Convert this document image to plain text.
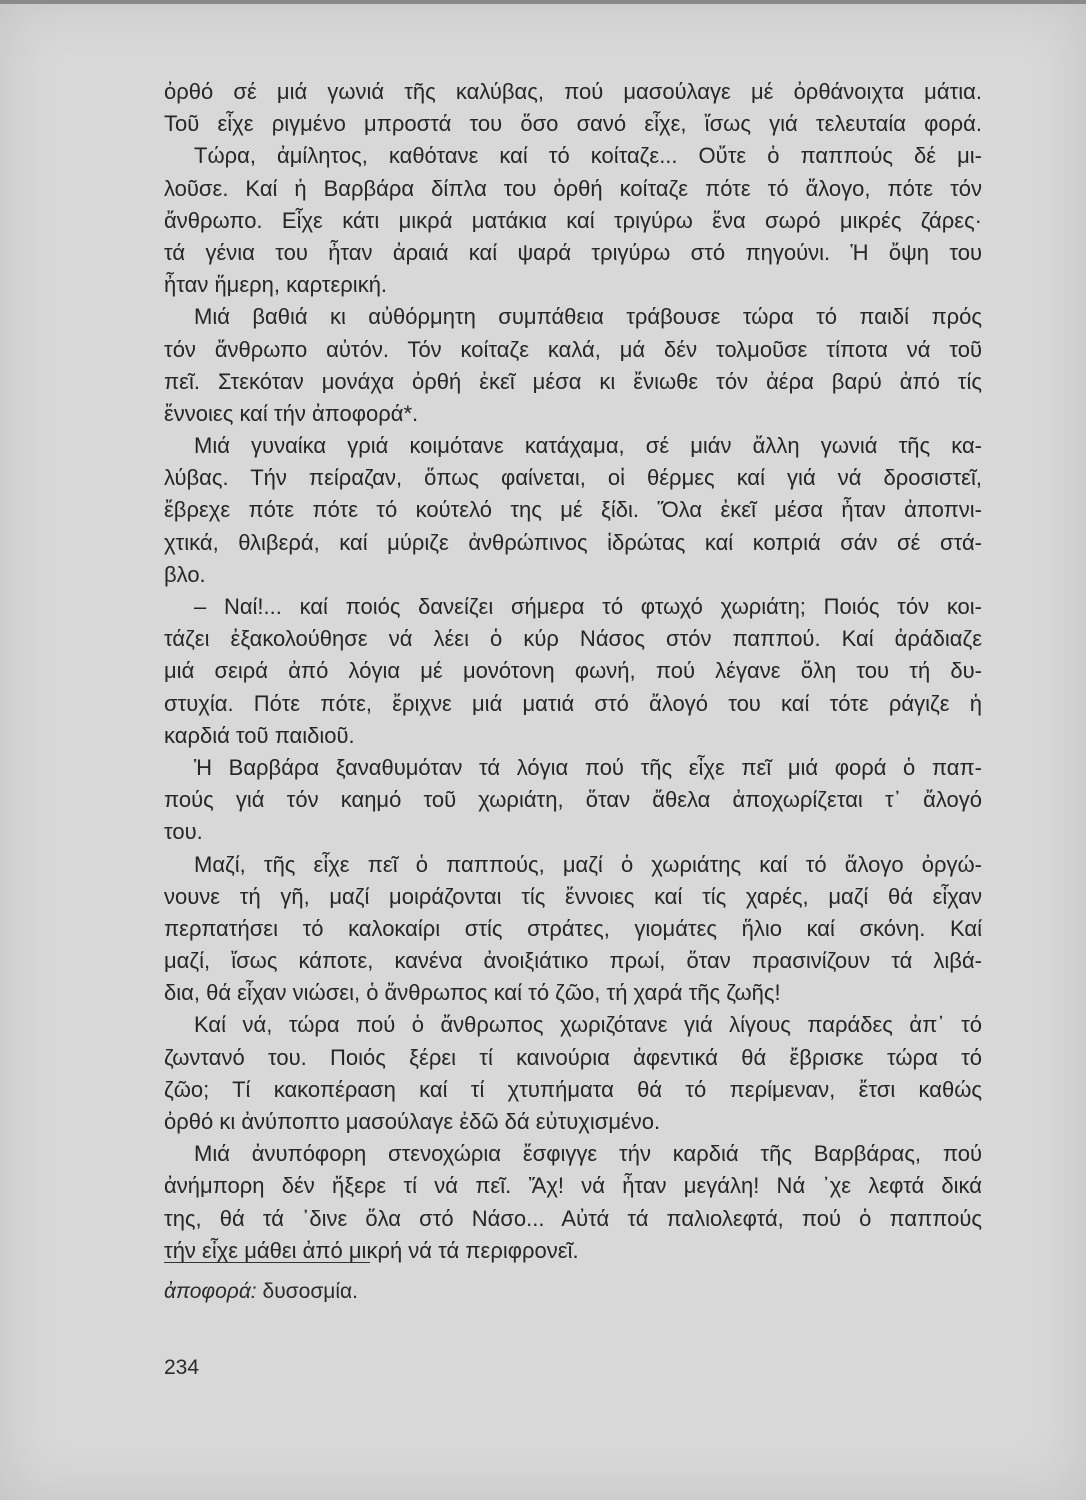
ὀρθό σέ μιά γωνιά τῆς καλύβας, πού μασούλαγε μέ ὀρθάνοιχτα μάτια.
Τοῦ εἶχε ριγμένο μπροστά του ὅσο σανό εἶχε, ἴσως γιά τελευταία φορά.
Τώρα, ἀμίλητος, καθότανε καί τό κοίταζε... Οὔτε ὁ παππούς δέ μι-
λοῦσε. Καί ἡ Βαρβάρα δίπλα του ὀρθή κοίταζε πότε τό ἄλογο, πότε τόν
ἄνθρωπο. Εἶχε κάτι μικρά ματάκια καί τριγύρω ἕνα σωρό μικρές ζάρες·
τά γένια του ἦταν ἀραιά καί ψαρά τριγύρω στό πηγούνι. Ἡ ὄψη του
ἦταν ἥμερη, καρτερική.
Μιά βαθιά κι αὐθόρμητη συμπάθεια τράβουσε τώρα τό παιδί πρός
τόν ἄνθρωπο αὐτόν. Τόν κοίταζε καλά, μά δέν τολμοῦσε τίποτα νά τοῦ
πεῖ. Στεκόταν μονάχα ὀρθή ἐκεῖ μέσα κι ἔνιωθε τόν ἀέρα βαρύ ἀπό τίς
ἔννοιες καί τήν ἀποφορά*.
Μιά γυναίκα γριά κοιμότανε κατάχαμα, σέ μιάν ἄλλη γωνιά τῆς κα-
λύβας. Τήν πείραζαν, ὅπως φαίνεται, οἱ θέρμες καί γιά νά δροσιστεῖ,
ἔβρεχε πότε πότε τό κούτελό της μέ ξίδι. Ὅλα ἐκεῖ μέσα ἦταν ἀποπνι-
χτικά, θλιβερά, καί μύριζε ἀνθρώπινος ἱδρώτας καί κοπριά σάν σέ στά-
βλο.
– Ναί!... καί ποιός δανείζει σήμερα τό φτωχό χωριάτη; Ποιός τόν κοι-
τάζει ἐξακολούθησε νά λέει ὁ κύρ Νάσος στόν παππού. Καί ἀράδιαζε
μιά σειρά ἀπό λόγια μέ μονότονη φωνή, πού λέγανε ὅλη του τή δυ-
στυχία. Πότε πότε, ἔριχνε μιά ματιά στό ἄλογό του καί τότε ράγιζε ἡ
καρδιά τοῦ παιδιοῦ.
Ἡ Βαρβάρα ξαναθυμόταν τά λόγια πού τῆς εἶχε πεῖ μιά φορά ὁ παπ-
πούς γιά τόν καημό τοῦ χωριάτη, ὅταν ἄθελα ἀποχωρίζεται τ᾽ ἄλογό
του.
Μαζί, τῆς εἶχε πεῖ ὁ παππούς, μαζί ὁ χωριάτης καί τό ἄλογο ὀργώ-
νουνε τή γῆ, μαζί μοιράζονται τίς ἔννοιες καί τίς χαρές, μαζί θά εἶχαν
περπατήσει τό καλοκαίρι στίς στράτες, γιομάτες ἥλιο καί σκόνη. Καί
μαζί, ἴσως κάποτε, κανένα ἀνοιξιάτικο πρωί, ὅταν πρασινίζουν τά λιβά-
δια, θά εἶχαν νιώσει, ὁ ἄνθρωπος καί τό ζῶο, τή χαρά τῆς ζωῆς!
Καί νά, τώρα πού ὁ ἄνθρωπος χωριζότανε γιά λίγους παράδες ἀπ᾽ τό
ζωντανό του. Ποιός ξέρει τί καινούρια ἀφεντικά θά ἔβρισκε τώρα τό
ζῶο; Τί κακοπέραση καί τί χτυπήματα θά τό περίμεναν, ἔτσι καθώς
ὀρθό κι ἀνύποπτο μασούλαγε ἐδῶ δά εὐτυχισμένο.
Μιά ἀνυπόφορη στενοχώρια ἔσφιγγε τήν καρδιά τῆς Βαρβάρας, πού
ἀνήμπορη δέν ἤξερε τί νά πεῖ. Ἄχ! νά ἦταν μεγάλη! Νά ᾽χε λεφτά δικά
της, θά τά ᾽δινε ὅλα στό Νάσο... Αὐτά τά παλιολεφτά, πού ὁ παππούς
τήν εἶχε μάθει ἀπό μικρή νά τά περιφρονεῖ.
ἀποφορά: δυσοσμία.
234
